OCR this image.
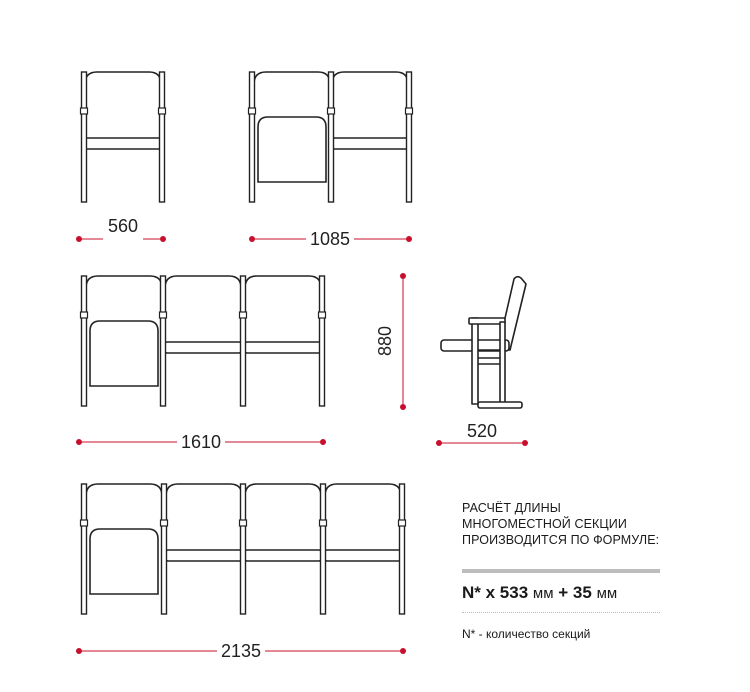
560
1085
1610
2135
880
520
РАСЧЁТ ДЛИНЫ
МНОГОМЕСТНОЙ СЕКЦИИ
ПРОИЗВОДИТСЯ ПО ФОРМУЛЕ:
N* x 533 мм + 35 мм
N* - количество секций
